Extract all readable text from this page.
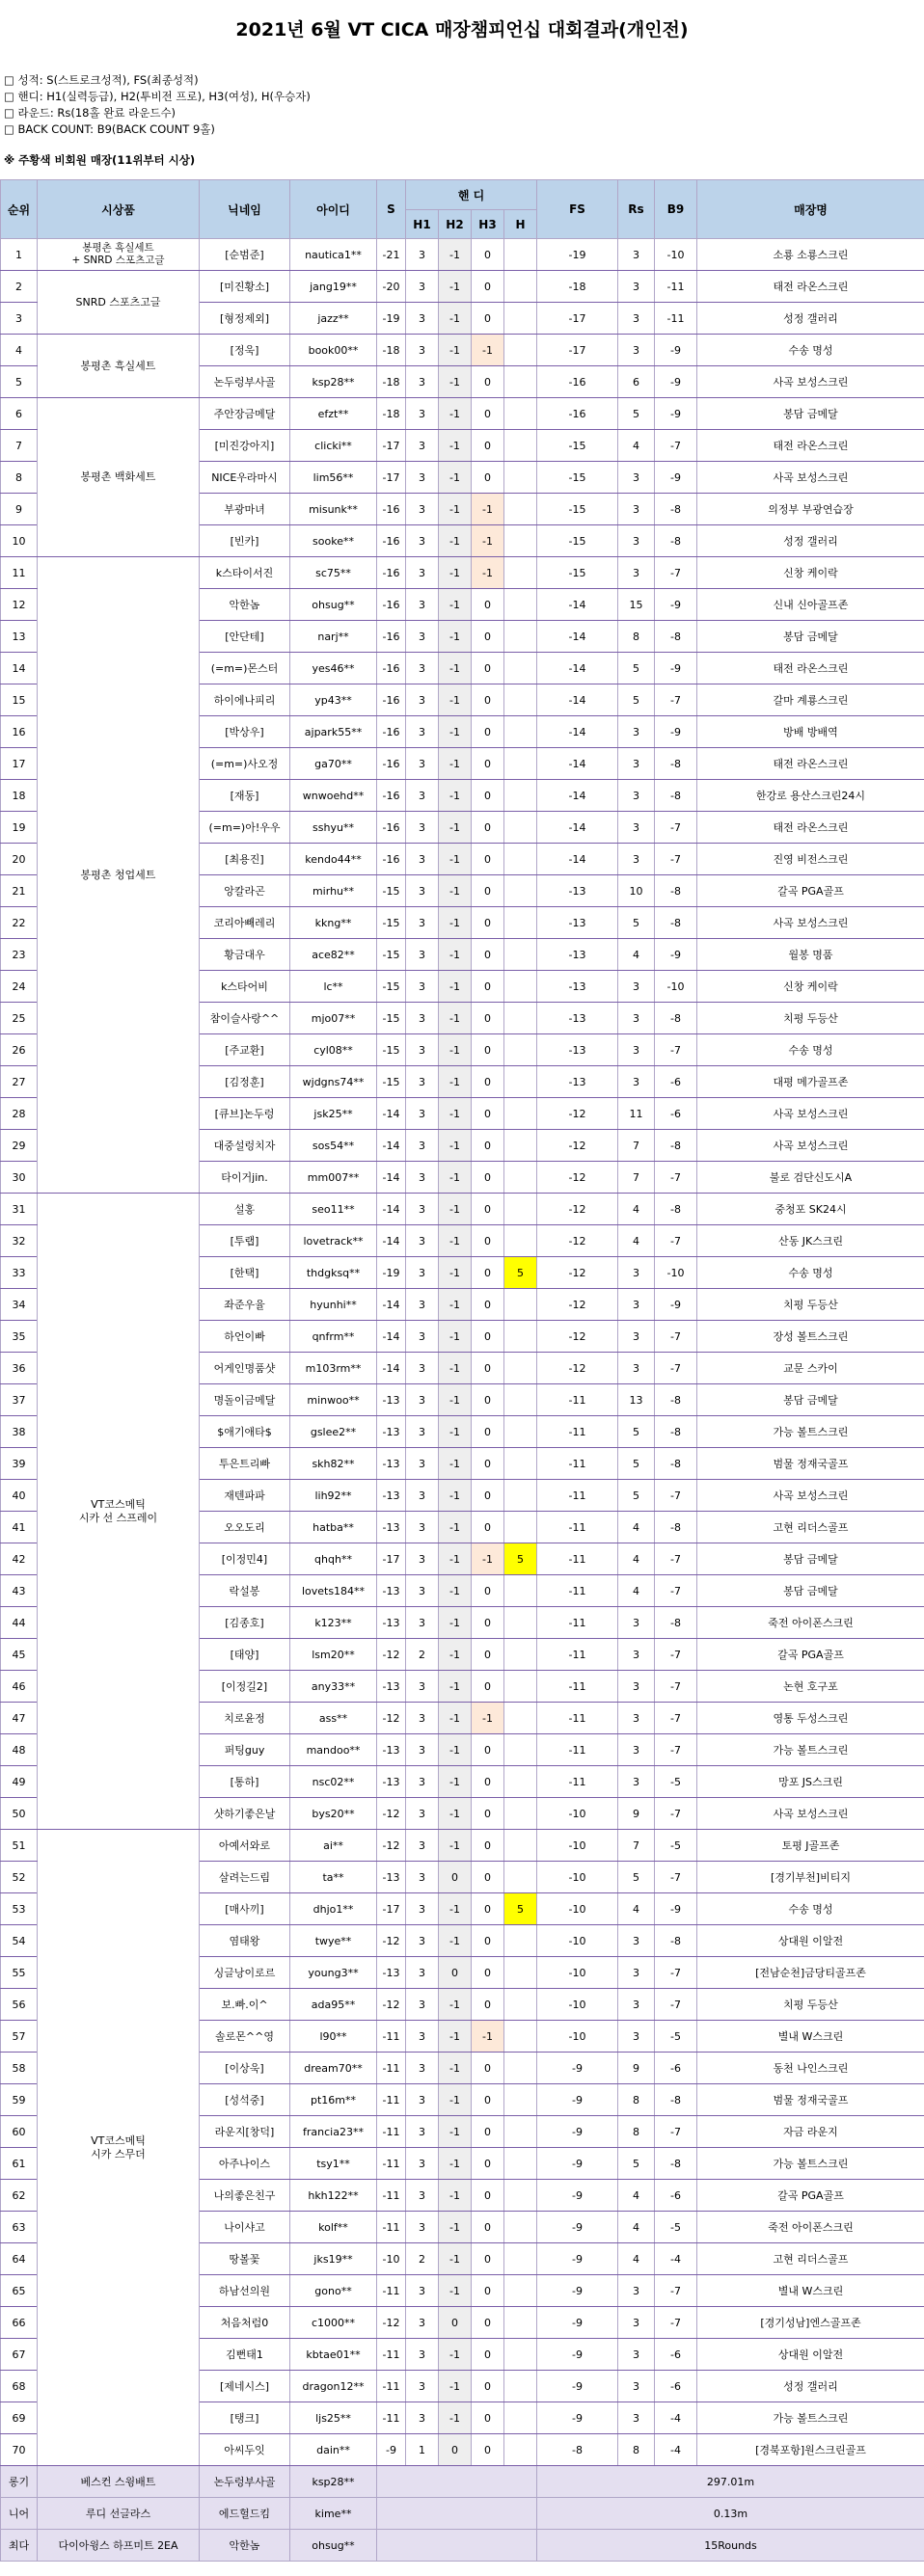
2021년 6월 VT CICA 매장챔피언십 대회결과(개인전)
□ 성적: S(스트로크성적), FS(최종성적)
□ 핸디: H1(실력등급), H2(투비전 프로), H3(여성), H(우승자)
□ 라운드: Rs(18홀 완료 라운드수)
□ BACK COUNT: B9(BACK COUNT 9홀)
※ 주황색 비회원 매장(11위부터 시상)
순위	시상품	닉네임	아이디	S	핸 디				FS	Rs	B9	매장명	
					H1	H2	H3	H					
1	봉평촌 흑실세트
+ SNRD 스포츠고글	[순범준]	nautica1**	-21	3	-1	0		-19	3	-10	소룡 소룡스크린	
2	SNRD 스포츠고글	[미진황소]	jang19**	-20	3	-1	0		-18	3	-11	태전 라온스크린	
3		[형정제외]	jazz**	-19	3	-1	0		-17	3	-11	성정 갤러리	
4	봉평촌 흑실세트	[정욱]	book00**	-18	3	-1	-1		-17	3	-9	수송 명성	
5		논두렁부사골	ksp28**	-18	3	-1	0		-16	6	-9	사곡 보성스크린	
6	봉평촌 백화세트	주안장금메달	efzt**	-18	3	-1	0		-16	5	-9	봉담 금메달	
7		[미진강아지]	clicki**	-17	3	-1	0		-15	4	-7	태전 라온스크린	
8		NICE우라마시	lim56**	-17	3	-1	0		-15	3	-9	사곡 보성스크린	
9		부광마녀	misunk**	-16	3	-1	-1		-15	3	-8	의정부 부광연습장	
10		[빈카]	sooke**	-16	3	-1	-1		-15	3	-8	성정 갤러리	
11	봉평촌 청업세트	k스타이서진	sc75**	-16	3	-1	-1		-15	3	-7	신창 케이락	
12		악한놈	ohsug**	-16	3	-1	0		-14	15	-9	신내 신아골프존	
13		[안단테]	narj**	-16	3	-1	0		-14	8	-8	봉담 금메달	
14		(=m=)몬스터	yes46**	-16	3	-1	0		-14	5	-9	태전 라온스크린	
15		하이에나피리	yp43**	-16	3	-1	0		-14	5	-7	갈마 계룡스크린	
16		[박상우]	ajpark55**	-16	3	-1	0		-14	3	-9	방배 방배역	
17		(=m=)사오정	ga70**	-16	3	-1	0		-14	3	-8	태전 라온스크린	
18		[재동]	wnwoehd**	-16	3	-1	0		-14	3	-8	한강로 용산스크린24시	
19		(=m=)아!우우	sshyu**	-16	3	-1	0		-14	3	-7	태전 라온스크린	
20		[최용진]	kendo44**	-16	3	-1	0		-14	3	-7	진영 비전스크린	
21		앙칼라곤	mirhu**	-15	3	-1	0		-13	10	-8	갈곡 PGA골프	
22		코리아빼레리	kkng**	-15	3	-1	0		-13	5	-8	사곡 보성스크린	
23		황금대우	ace82**	-15	3	-1	0		-13	4	-9	월봉 명품	
24		k스타어비	lc**	-15	3	-1	0		-13	3	-10	신창 케이락	
25		참이슬사랑^^	mjo07**	-15	3	-1	0		-13	3	-8	치평 두등산	
26		[주교환]	cyl08**	-15	3	-1	0		-13	3	-7	수송 명성	
27		[김정훈]	wjdgns74**	-15	3	-1	0		-13	3	-6	대평 메가골프존	
28		[큐브]논두렁	jsk25**	-14	3	-1	0		-12	11	-6	사곡 보성스크린	
29		대중설렁치자	sos54**	-14	3	-1	0		-12	7	-8	사곡 보성스크린	
30		타이거jin.	mm007**	-14	3	-1	0		-12	7	-7	불로 검단신도시A	
31	VT코스메틱
시카 선 스프레이	설홍	seo11**	-14	3	-1	0		-12	4	-8	중청포 SK24시	
32		[투랩]	lovetrack**	-14	3	-1	0		-12	4	-7	산동 JK스크린	
33		[한택]	thdgksq**	-19	3	-1	0	5	-12	3	-10	수송 명성	
34		좌준우율	hyunhi**	-14	3	-1	0		-12	3	-9	치평 두등산	
35		하언이빠	qnfrm**	-14	3	-1	0		-12	3	-7	장성 볼트스크린	
36		어게인명품샷	m103rm**	-14	3	-1	0		-12	3	-7	교문 스카이	
37		명돌이금메달	minwoo**	-13	3	-1	0		-11	13	-8	봉담 금메달	
38		$애기애타$	gslee2**	-13	3	-1	0		-11	5	-8	가능 볼트스크린	
39		투은트리빠	skh82**	-13	3	-1	0		-11	5	-8	범물 정재국골프	
40		재텐파파	lih92**	-13	3	-1	0		-11	5	-7	사곡 보성스크린	
41		오오도리	hatba**	-13	3	-1	0		-11	4	-8	고현 리더스골프	
42		[이정민4]	qhqh**	-17	3	-1	-1	5	-11	4	-7	봉담 금메달	
43		락설봉	lovets184**	-13	3	-1	0		-11	4	-7	봉담 금메달	
44		[김종호]	k123**	-13	3	-1	0		-11	3	-8	죽전 아이폰스크린	
45		[태양]	lsm20**	-12	2	-1	0		-11	3	-7	갈곡 PGA골프	
46		[이정길2]	any33**	-13	3	-1	0		-11	3	-7	논현 호구포	
47		치로윤정	ass**	-12	3	-1	-1		-11	3	-7	영통 두성스크린	
48		퍼팅guy	mandoo**	-13	3	-1	0		-11	3	-7	가능 볼트스크린	
49		[통하]	nsc02**	-13	3	-1	0		-11	3	-5	망포 JS스크린	
50		샷하기좋은날	bys20**	-12	3	-1	0		-10	9	-7	사곡 보성스크린	
51	VT코스메틱
시카 스무더	아예서와로	ai**	-12	3	-1	0		-10	7	-5	토평 J골프존	
52		살려는드림	ta**	-13	3	0	0		-10	5	-7	[경기부천]비티지	
53		[매사끼]	dhjo1**	-17	3	-1	0	5	-10	4	-9	수송 명성	
54		염태왕	twye**	-12	3	-1	0		-10	3	-8	상대원 이알전	
55		싱글낭이로르	young3**	-13	3	0	0		-10	3	-7	[전남순천]금당티골프존	
56		보.빠.이^	ada95**	-12	3	-1	0		-10	3	-7	치평 두등산	
57		솔로몬^^영	l90**	-11	3	-1	-1		-10	3	-5	별내 W스크린	
58		[이상욱]	dream70**	-11	3	-1	0		-9	9	-6	동천 나인스크린	
59		[성석중]	pt16m**	-11	3	-1	0		-9	8	-8	범물 정재국골프	
60		라운지[창덕]	francia23**	-11	3	-1	0		-9	8	-7	자금 라운지	
61		아주나이스	tsy1**	-11	3	-1	0		-9	5	-8	가능 볼트스크린	
62		나의좋은친구	hkh122**	-11	3	-1	0		-9	4	-6	갈곡 PGA골프	
63		나이샤고	kolf**	-11	3	-1	0		-9	4	-5	죽전 아이폰스크린	
64		땅볼꽃	jks19**	-10	2	-1	0		-9	4	-4	고현 리더스골프	
65		하남선의원	gono**	-11	3	-1	0		-9	3	-7	별내 W스크린	
66		처음처럼0	c1000**	-12	3	0	0		-9	3	-7	[경기성남]엔스골프존	
67		김뻔태1	kbtae01**	-11	3	-1	0		-9	3	-6	상대원 이알전	
68		[제네시스]	dragon12**	-11	3	-1	0		-9	3	-6	성정 갤러리	
69		[탱크]	ljs25**	-11	3	-1	0		-9	3	-4	가능 볼트스크린	
70		아씨두잇	dain**	-9	1	0	0		-8	8	-4	[경북포항]원스크린골프	
롱기	베스컨 스윙배트	논두렁부사골	ksp28**						297.01m	
니어	루디 선글라스	에드헐드킴	kime**						0.13m	
최다	다이아윙스 하프미트 2EA	악한놈	ohsug**						15Rounds	
